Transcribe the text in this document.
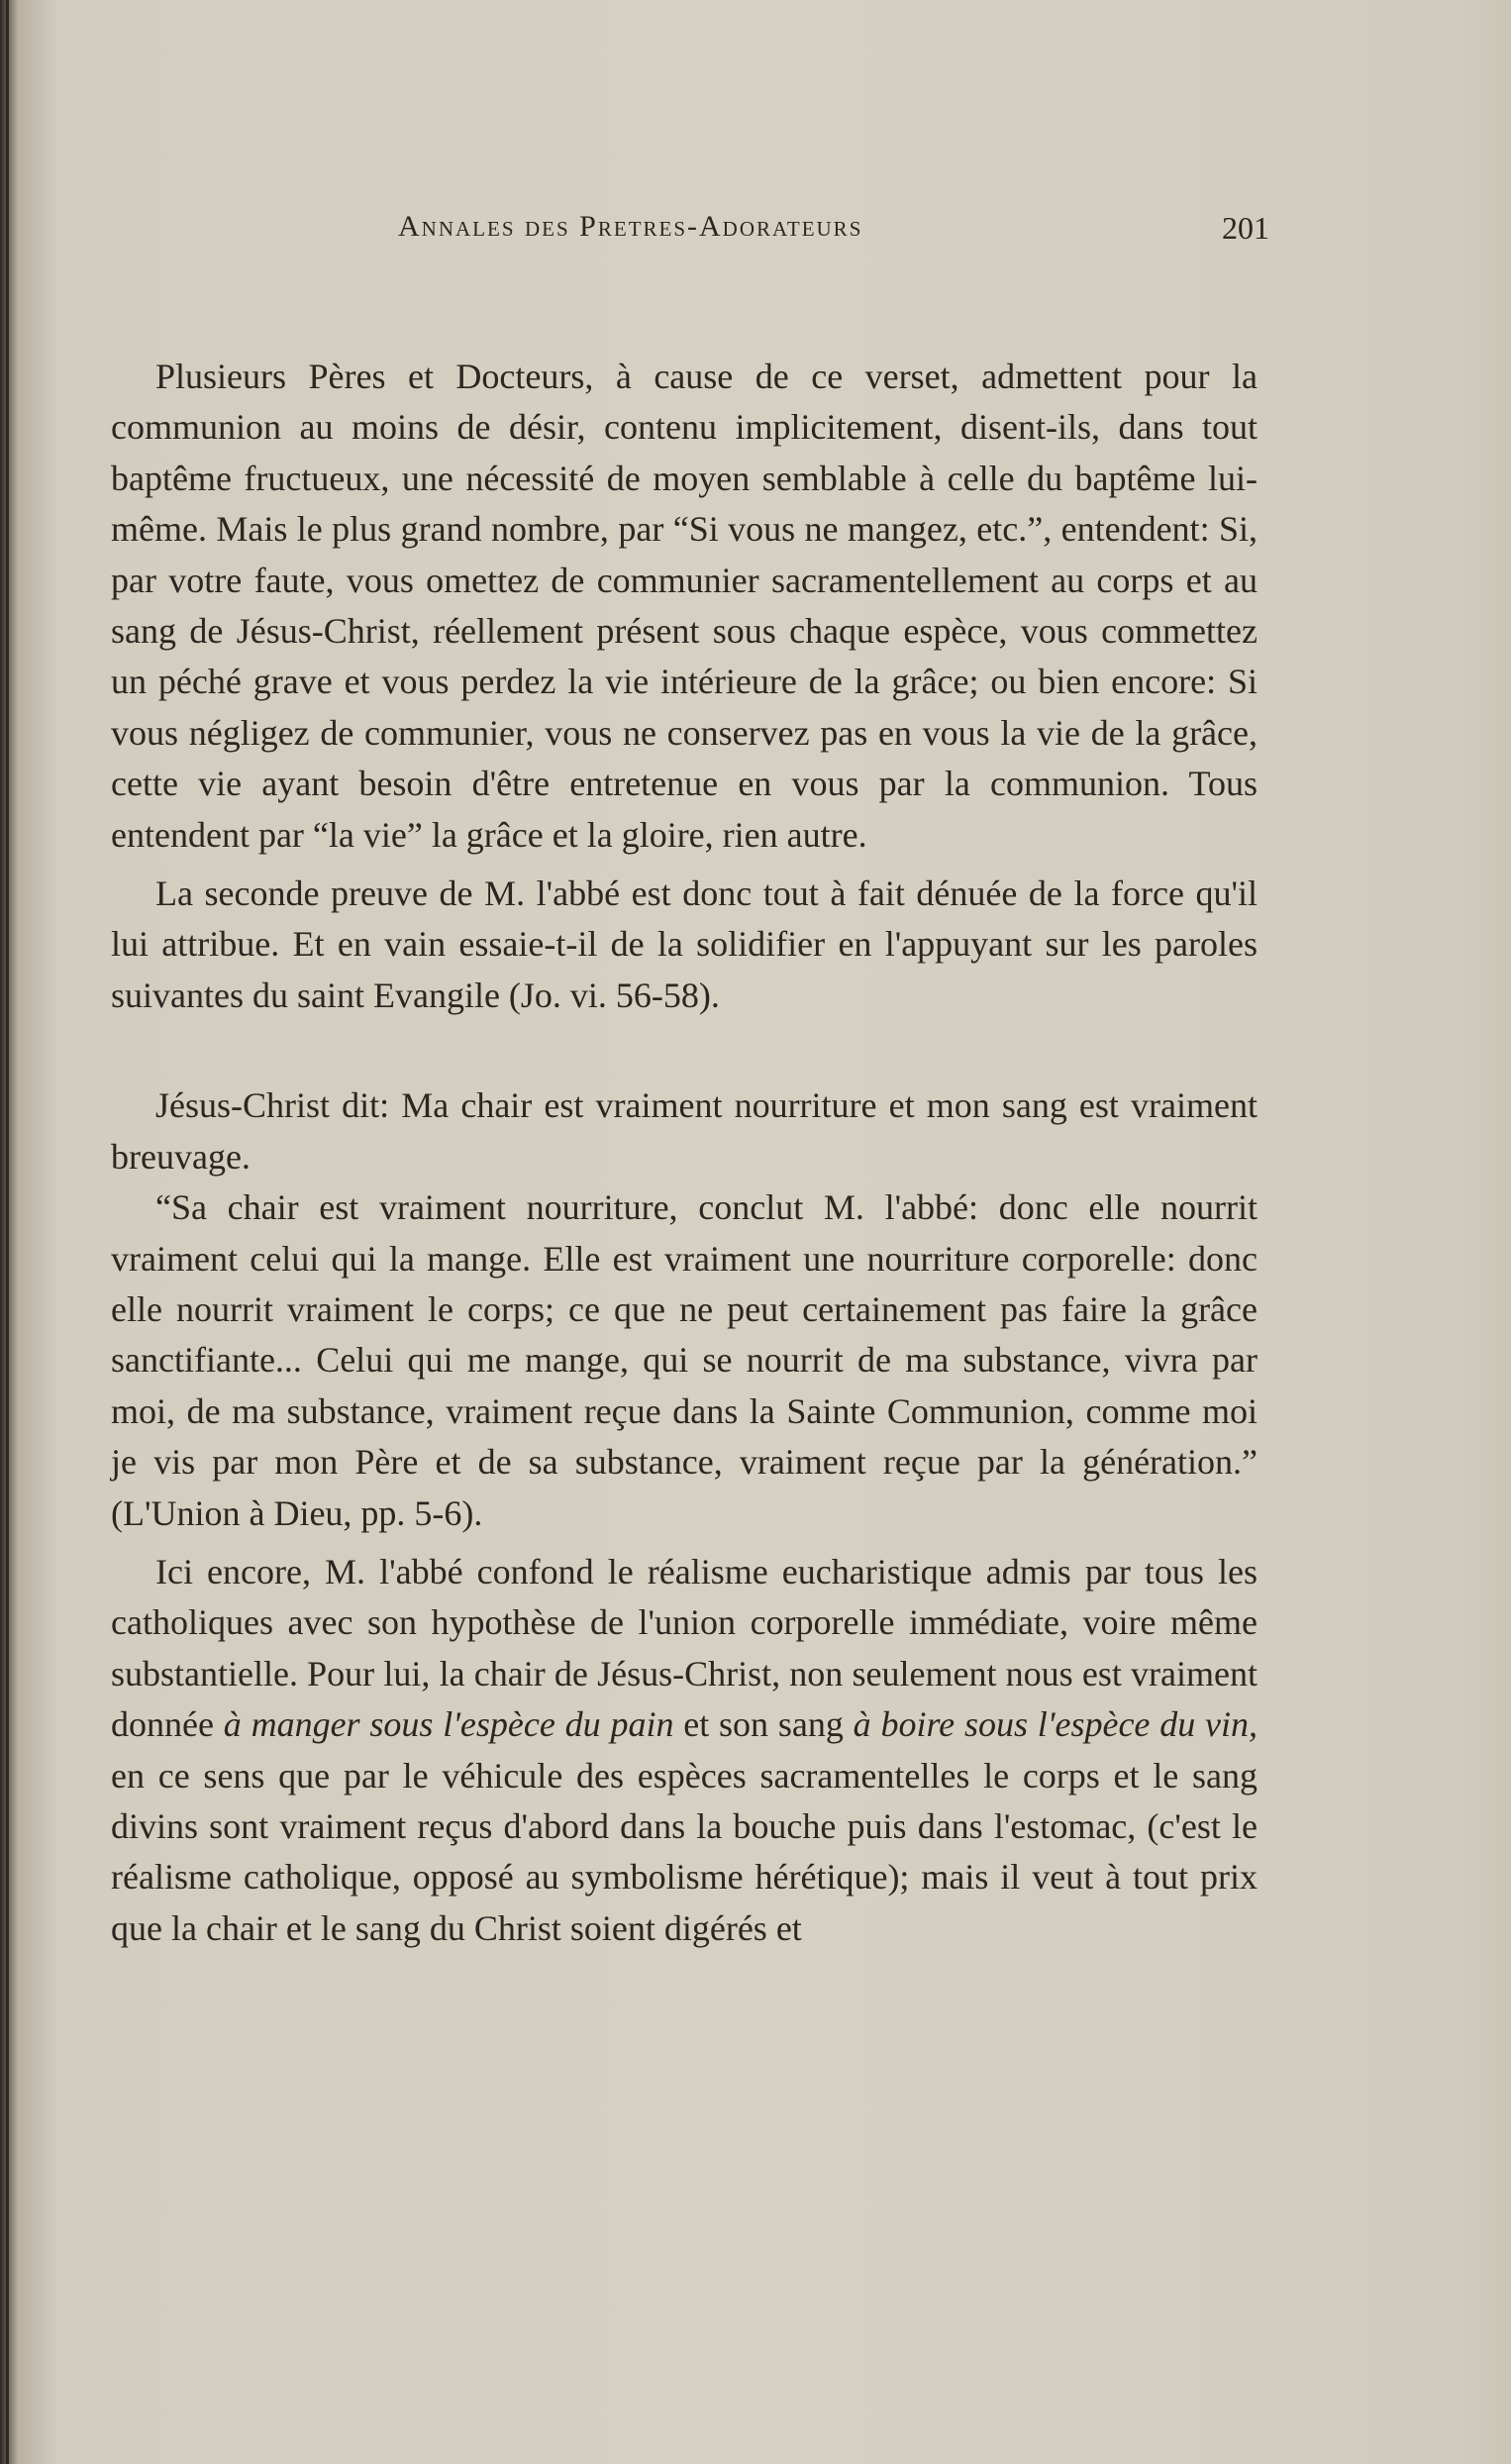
Annales des Pretres-Adorateurs	201

Plusieurs Pères et Docteurs, à cause de ce verset, admettent pour la communion au moins de désir, contenu implicitement, disent-ils, dans tout baptême fructueux, une nécessité de moyen semblable à celle du baptême lui-même. Mais le plus grand nombre, par “Si vous ne mangez, etc.”, entendent: Si, par votre faute, vous omettez de communier sacramentellement au corps et au sang de Jésus-Christ, réellement présent sous chaque espèce, vous commettez un péché grave et vous perdez la vie intérieure de la grâce; ou bien encore: Si vous négligez de communier, vous ne conservez pas en vous la vie de la grâce, cette vie ayant besoin d'être entretenue en vous par la communion. Tous entendent par “la vie” la grâce et la gloire, rien autre.

La seconde preuve de M. l'abbé est donc tout à fait dénuée de la force qu'il lui attribue. Et en vain essaie-t-il de la solidifier en l'appuyant sur les paroles suivantes du saint Evangile (Jo. vi. 56-58).

Jésus-Christ dit: Ma chair est vraiment nourriture et mon sang est vraiment breuvage.

“Sa chair est vraiment nourriture, conclut M. l'abbé: donc elle nourrit vraiment celui qui la mange. Elle est vraiment une nourriture corporelle: donc elle nourrit vraiment le corps; ce que ne peut certainement pas faire la grâce sanctifiante... Celui qui me mange, qui se nourrit de ma substance, vivra par moi, de ma substance, vraiment reçue dans la Sainte Communion, comme moi je vis par mon Père et de sa substance, vraiment reçue par la génération.” (L'Union à Dieu, pp. 5-6).

Ici encore, M. l'abbé confond le réalisme eucharistique admis par tous les catholiques avec son hypothèse de l'union corporelle immédiate, voire même substantielle. Pour lui, la chair de Jésus-Christ, non seulement nous est vraiment donnée à manger sous l'espèce du pain et son sang à boire sous l'espèce du vin, en ce sens que par le véhicule des espèces sacramentelles le corps et le sang divins sont vraiment reçus d'abord dans la bouche puis dans l'estomac, (c'est le réalisme catholique, opposé au symbolisme hérétique); mais il veut à tout prix que la chair et le sang du Christ soient digérés et
